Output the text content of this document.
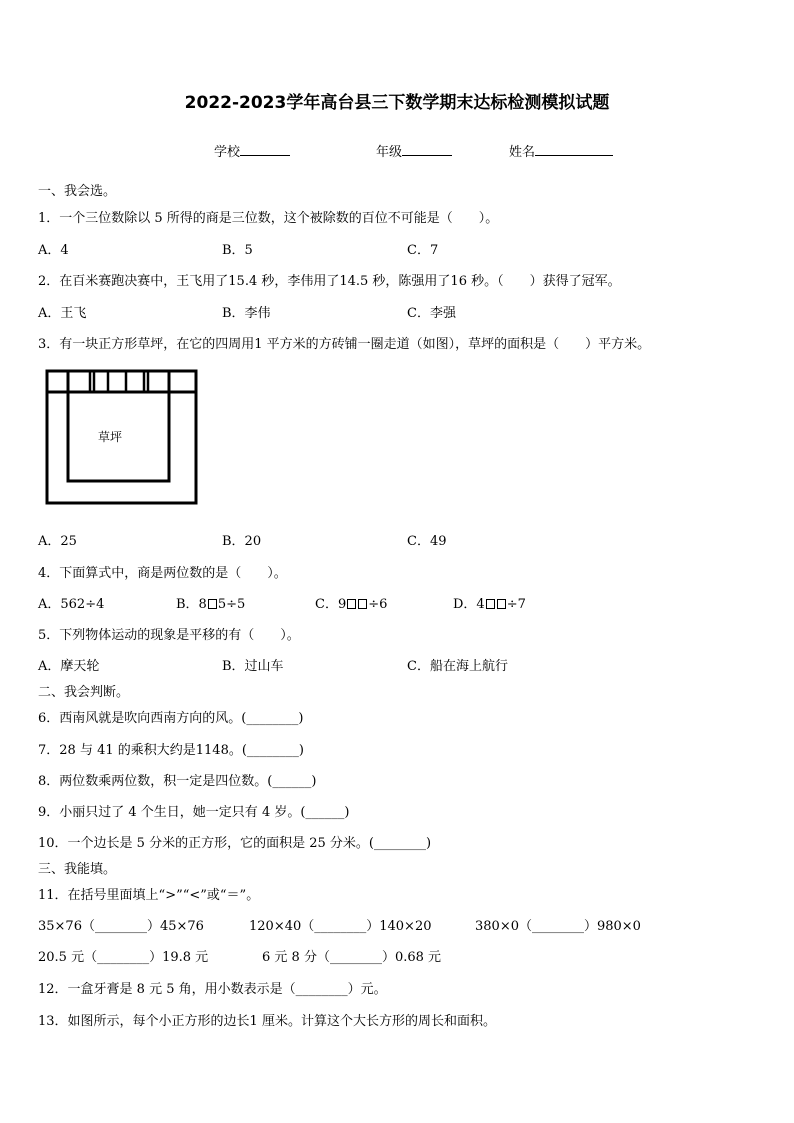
2022-2023学年高台县三下数学期末达标检测模拟试题
学校	年级	姓名
一、我会选。
1．一个三位数除以 5 所得的商是三位数，这个被除数的百位不可能是（　　）。
A．4	B．5	C．7
2．在百米赛跑决赛中，王飞用了15.4 秒，李伟用了14.5 秒，陈强用了16 秒。（　　）获得了冠军。
A．王飞	B．李伟	C．李强
3．有一块正方形草坪，在它的四周用1 平方米的方砖铺一圈走道（如图），草坪的面积是（　　）平方米。
草坪
A．25	B．20	C．49
4．下面算式中，商是两位数的是（　　）。
A．562÷4	B．8 5÷5	C．9 ÷6	D．4 ÷7
5．下列物体运动的现象是平移的有（　　）。
A．摩天轮	B．过山车	C．船在海上航行
二、我会判断。
6．西南风就是吹向西南方向的风。(________)
7．28 与 41 的乘积大约是1148。(________)
8．两位数乘两位数，积一定是四位数。(______)
9．小丽只过了 4 个生日，她一定只有 4 岁。(______)
10．一个边长是 5 分米的正方形，它的面积是 25 分米。(________)
三、我能填。
11．在括号里面填上“>”“<”或“＝”。
35×76（________）45×76	120×40（________）140×20	380×0（________）980×0
20.5 元（________）19.8 元	6 元 8 分（________）0.68 元
12．一盒牙膏是 8 元 5 角，用小数表示是（________）元。
13．如图所示，每个小正方形的边长1 厘米。计算这个大长方形的周长和面积。
